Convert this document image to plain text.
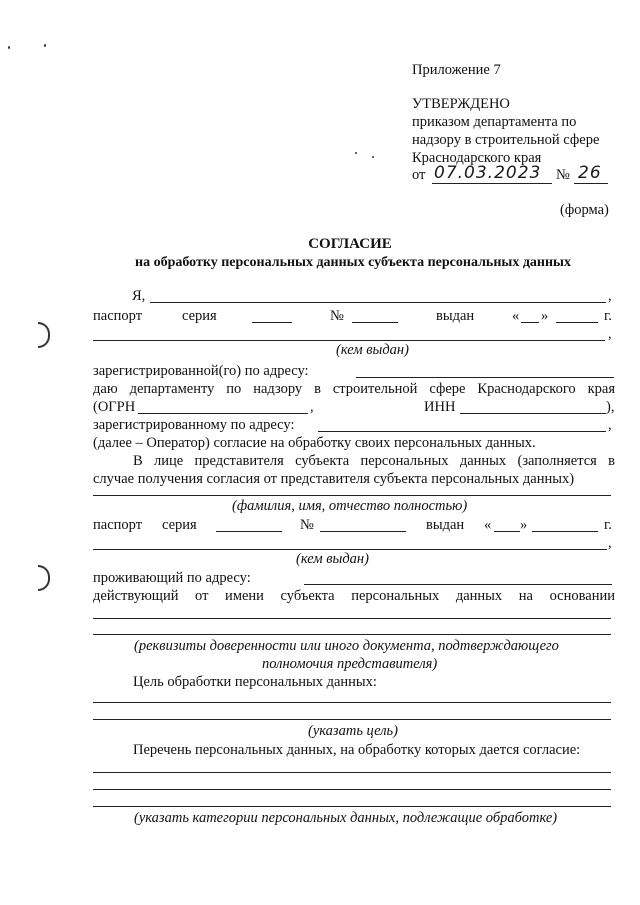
Приложение 7
УТВЕРЖДЕНО
приказом департамента по
надзору в строительной сфере
Краснодарского края
от 07.03.2023 № 26
(форма)
СОГЛАСИЕ
на обработку персональных данных субъекта персональных данных
Я,	,
паспорт	серия	№	выдан	« »	г.
,
(кем выдан)
зарегистрированной(го) по адресу:
даю департаменту по надзору в строительной сфере Краснодарского края
(ОГРН	,	ИНН	),
зарегистрированному по адресу:	,
(далее – Оператор) согласие на обработку своих персональных данных.
В лице представителя субъекта персональных данных (заполняется в
случае получения согласия от представителя субъекта персональных данных)
(фамилия, имя, отчество полностью)
паспорт серия	№	выдан « »	г.
,
(кем выдан)
проживающий по адресу:
действующий от имени субъекта персональных данных на основании
(реквизиты доверенности или иного документа, подтверждающего
полномочия представителя)
Цель обработки персональных данных:
(указать цель)
Перечень персональных данных, на обработку которых дается согласие:
(указать категории персональных данных, подлежащие обработке)
